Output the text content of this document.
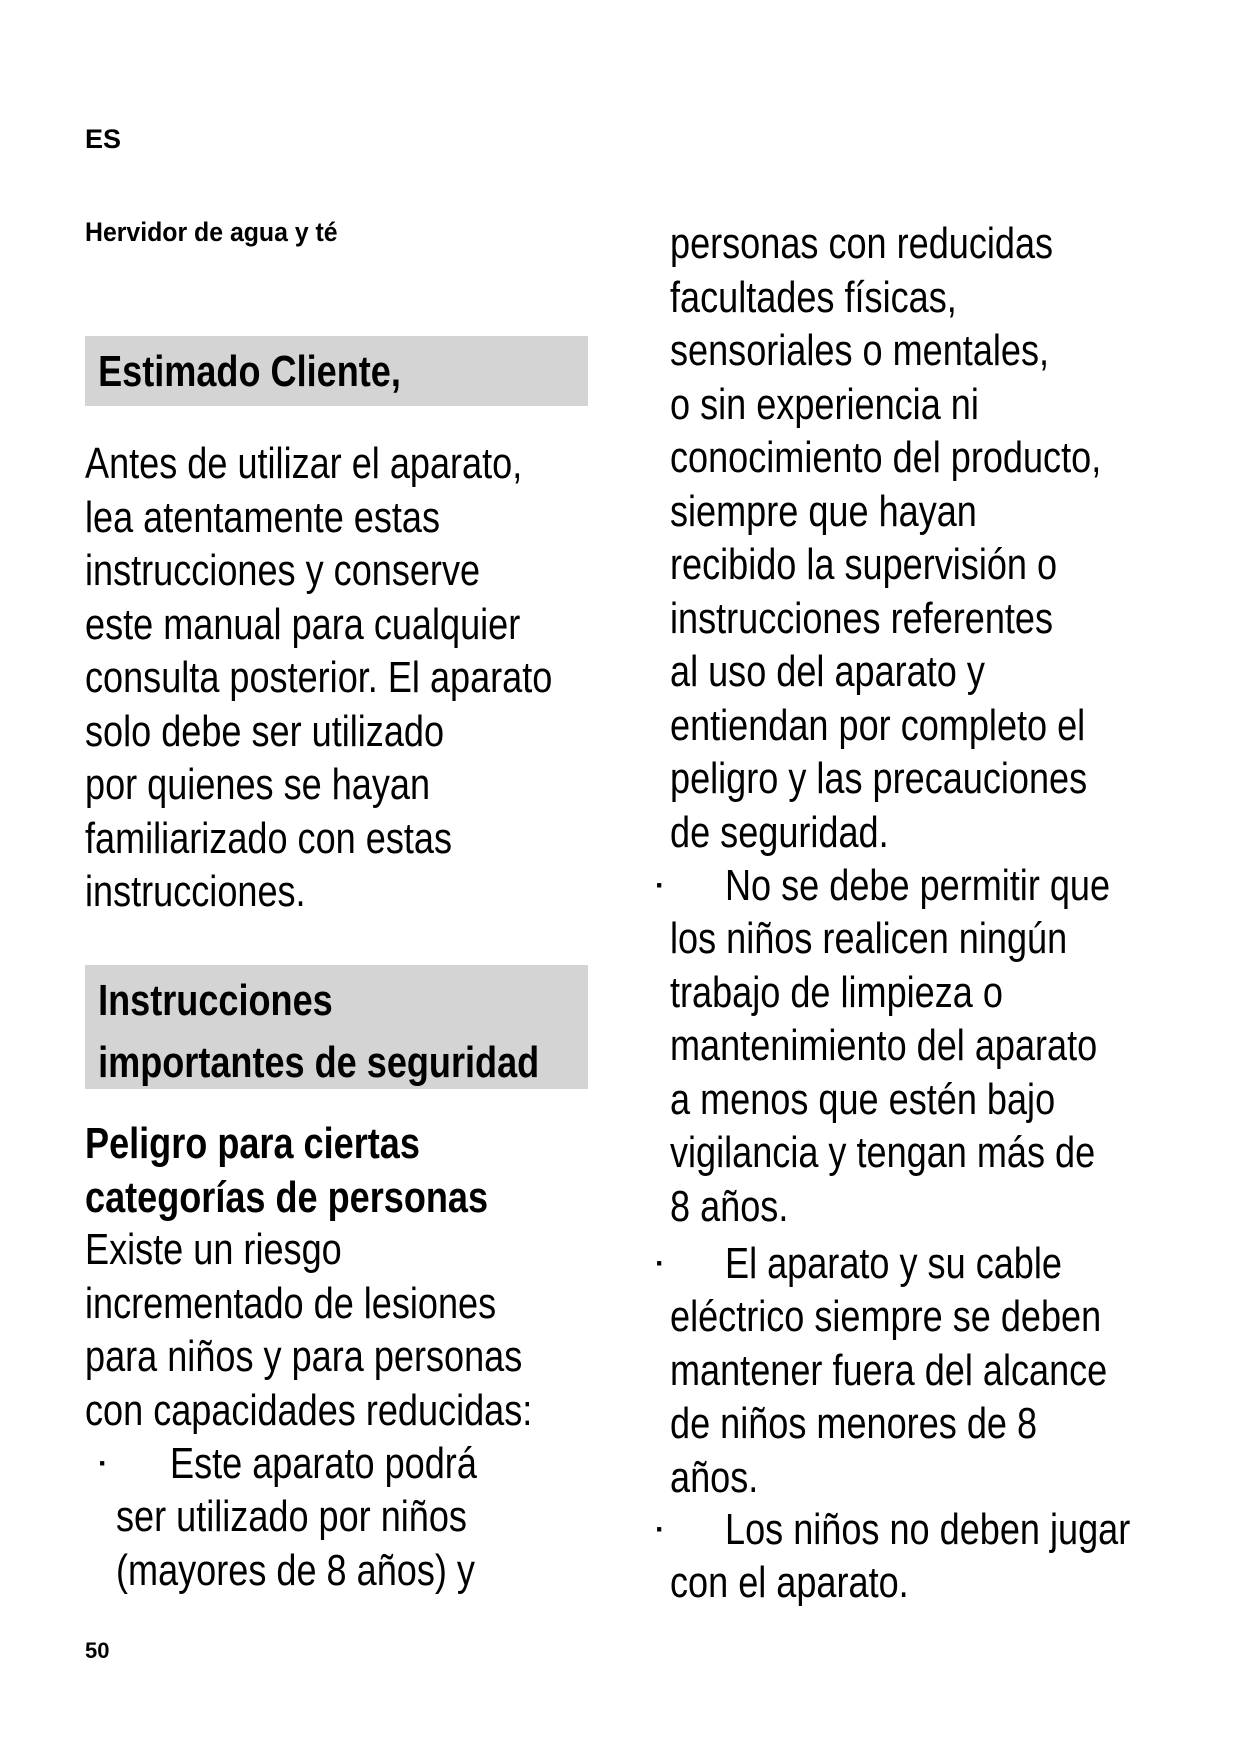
ES
Hervidor de agua y té
Estimado Cliente,
Antes de utilizar el aparato,
lea atentamente estas
instrucciones y conserve
este manual para cualquier
consulta posterior. El aparato
solo debe ser utilizado
por quienes se hayan
familiarizado con estas
instrucciones.
Instrucciones
importantes de seguridad
Peligro para ciertas
categorías de personas
Existe un riesgo
incrementado de lesiones
para niños y para personas
con capacidades reducidas:
· Este aparato podrá
ser utilizado por niños
(mayores de 8 años) y
personas con reducidas
facultades físicas,
sensoriales o mentales,
o sin experiencia ni
conocimiento del producto,
siempre que hayan
recibido la supervisión o
instrucciones referentes
al uso del aparato y
entiendan por completo el
peligro y las precauciones
de seguridad.
· No se debe permitir que
los niños realicen ningún
trabajo de limpieza o
mantenimiento del aparato
a menos que estén bajo
vigilancia y tengan más de
8 años.
· El aparato y su cable
eléctrico siempre se deben
mantener fuera del alcance
de niños menores de 8
años.
· Los niños no deben jugar
con el aparato.
50
